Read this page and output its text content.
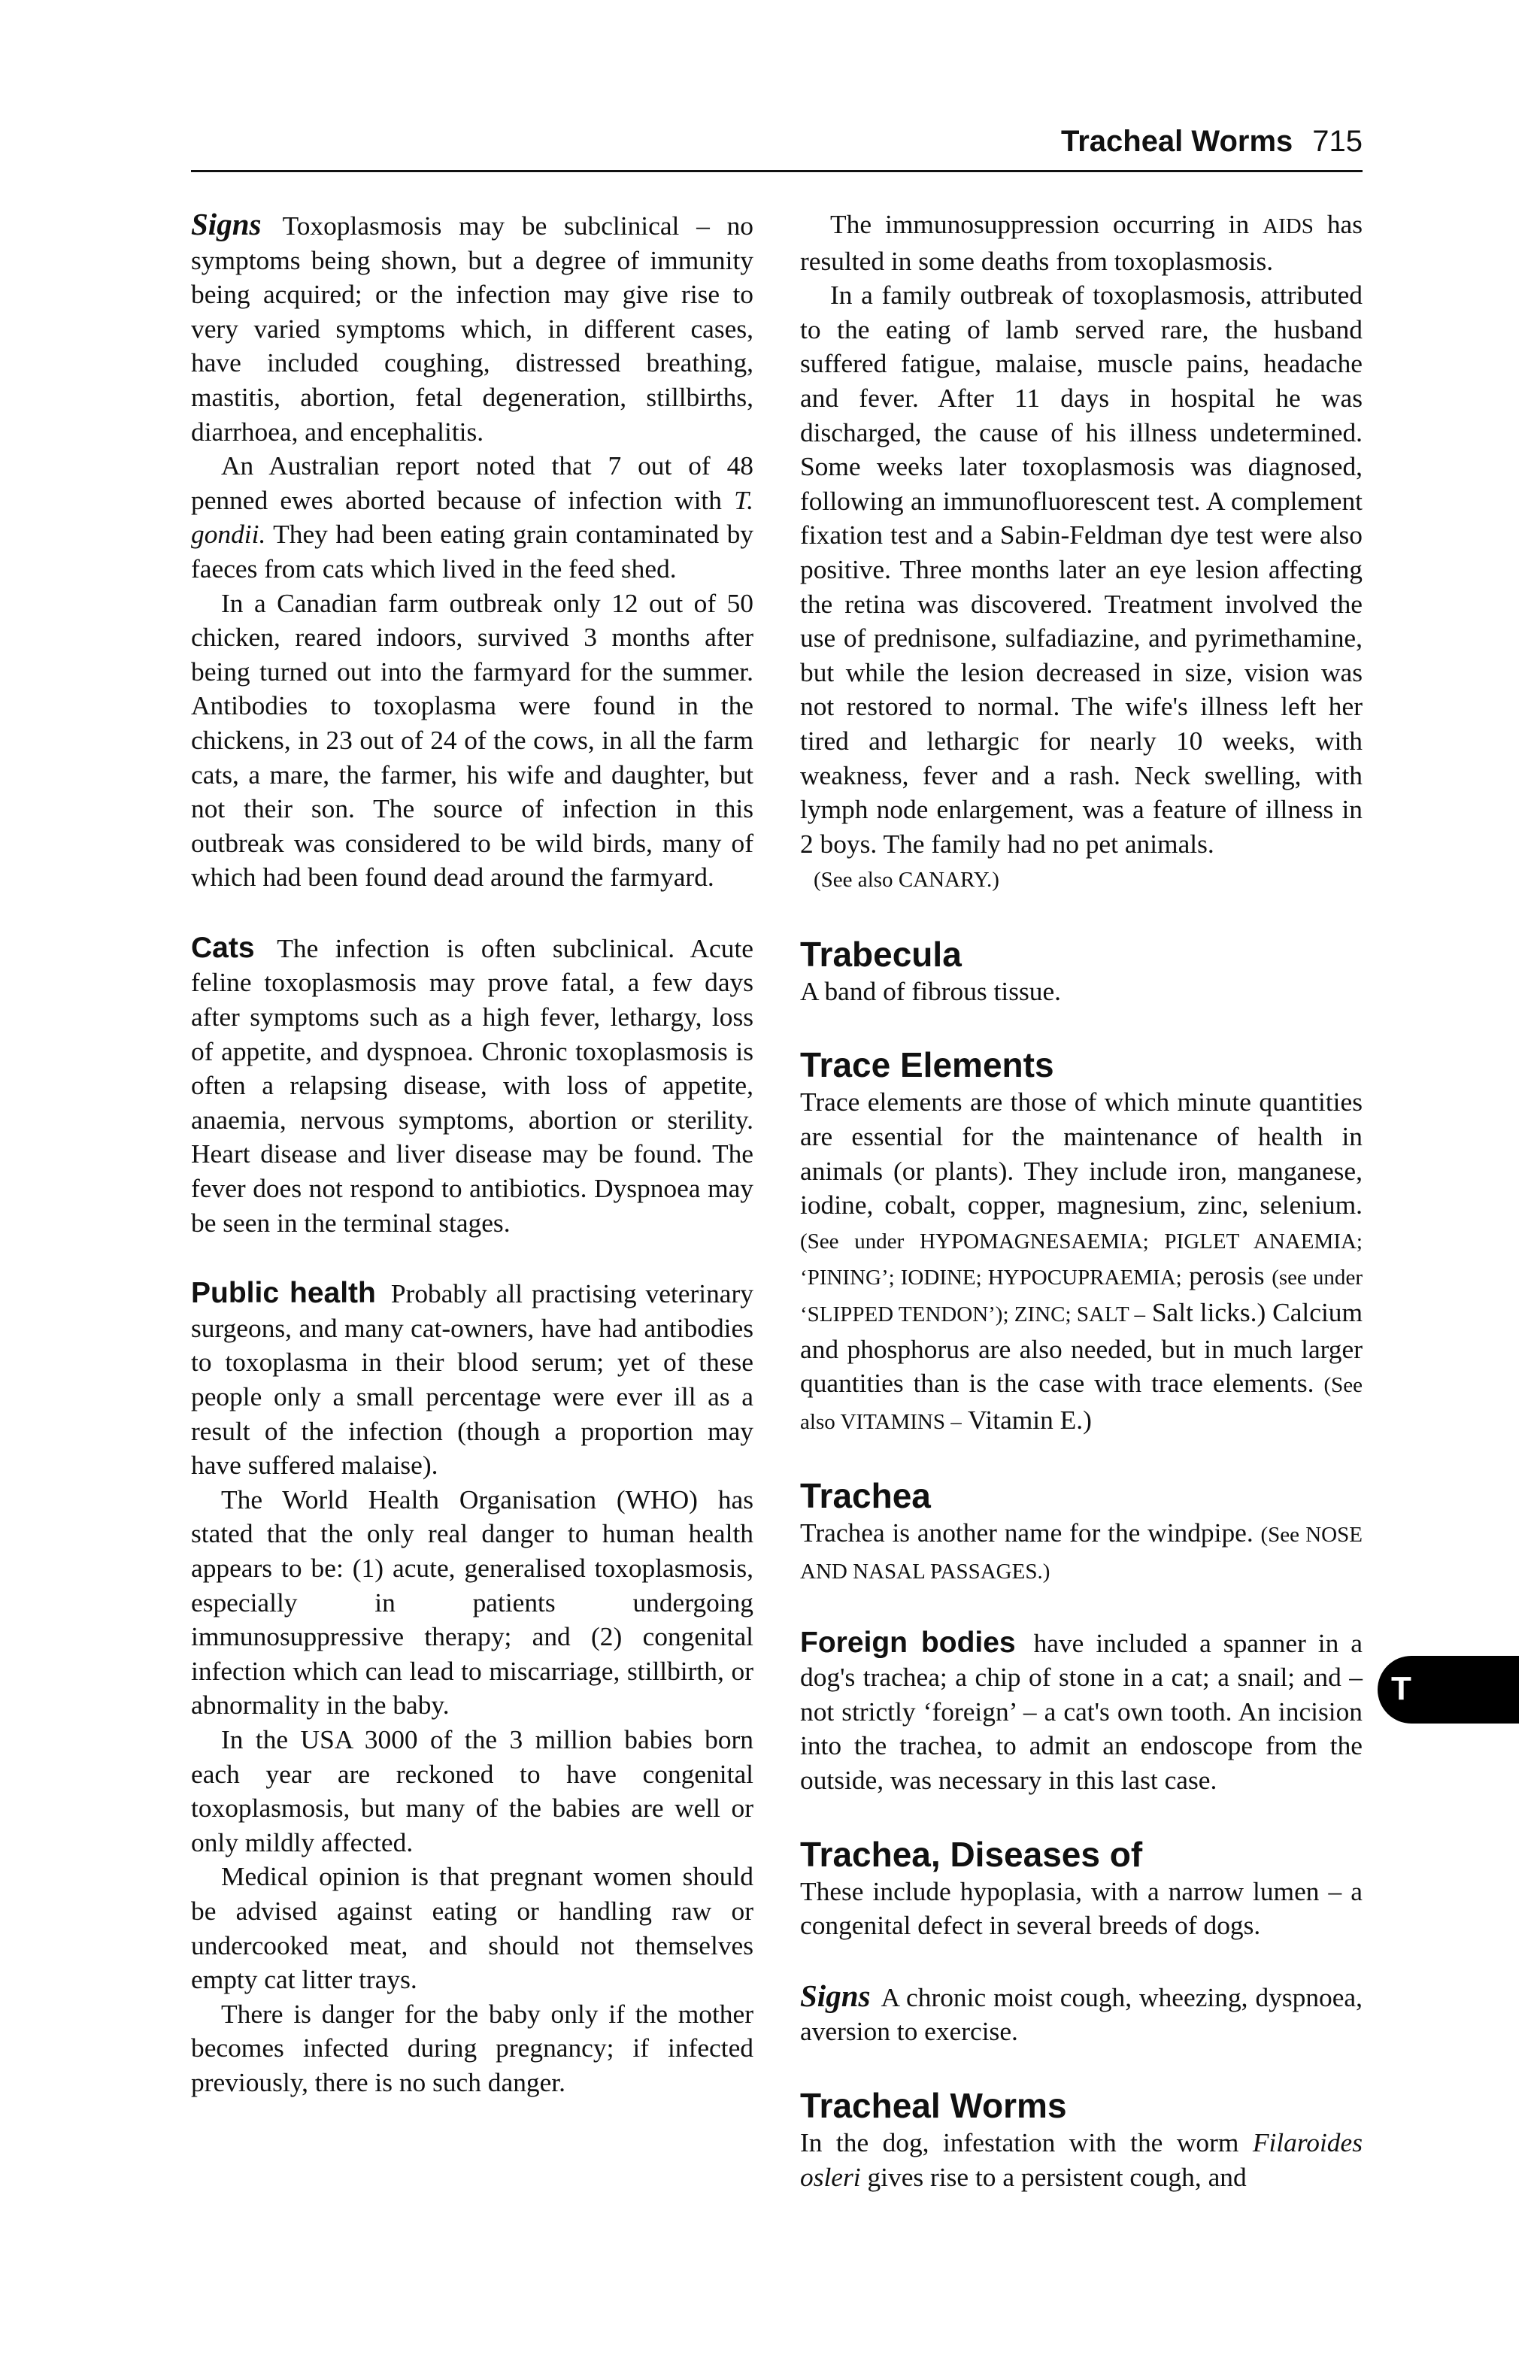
Tracheal Worms 715

Signs Toxoplasmosis may be subclinical – no symptoms being shown, but a degree of immunity being acquired; or the infection may give rise to very varied symptoms which, in different cases, have included coughing, distressed breathing, mastitis, abortion, fetal degeneration, stillbirths, diarrhoea, and encephalitis.

An Australian report noted that 7 out of 48 penned ewes aborted because of infection with T. gondii. They had been eating grain contaminated by faeces from cats which lived in the feed shed.

In a Canadian farm outbreak only 12 out of 50 chicken, reared indoors, survived 3 months after being turned out into the farmyard for the summer. Antibodies to toxoplasma were found in the chickens, in 23 out of 24 of the cows, in all the farm cats, a mare, the farmer, his wife and daughter, but not their son. The source of infection in this outbreak was considered to be wild birds, many of which had been found dead around the farmyard.

Cats The infection is often subclinical. Acute feline toxoplasmosis may prove fatal, a few days after symptoms such as a high fever, lethargy, loss of appetite, and dyspnoea. Chronic toxoplasmosis is often a relapsing disease, with loss of appetite, anaemia, nervous symptoms, abortion or sterility. Heart disease and liver disease may be found. The fever does not respond to antibiotics. Dyspnoea may be seen in the terminal stages.

Public health Probably all practising veterinary surgeons, and many cat-owners, have had antibodies to toxoplasma in their blood serum; yet of these people only a small percentage were ever ill as a result of the infection (though a proportion may have suffered malaise).

The World Health Organisation (WHO) has stated that the only real danger to human health appears to be: (1) acute, generalised toxoplasmosis, especially in patients undergoing immunosuppressive therapy; and (2) congenital infection which can lead to miscarriage, stillbirth, or abnormality in the baby.

In the USA 3000 of the 3 million babies born each year are reckoned to have congenital toxoplasmosis, but many of the babies are well or only mildly affected.

Medical opinion is that pregnant women should be advised against eating or handling raw or undercooked meat, and should not themselves empty cat litter trays.

There is danger for the baby only if the mother becomes infected during pregnancy; if infected previously, there is no such danger.

The immunosuppression occurring in AIDS has resulted in some deaths from toxoplasmosis.

In a family outbreak of toxoplasmosis, attributed to the eating of lamb served rare, the husband suffered fatigue, malaise, muscle pains, headache and fever. After 11 days in hospital he was discharged, the cause of his illness undetermined. Some weeks later toxoplasmosis was diagnosed, following an immunofluorescent test. A complement fixation test and a Sabin-Feldman dye test were also positive. Three months later an eye lesion affecting the retina was discovered. Treatment involved the use of prednisone, sulfadiazine, and pyrimethamine, but while the lesion decreased in size, vision was not restored to normal. The wife's illness left her tired and lethargic for nearly 10 weeks, with weakness, fever and a rash. Neck swelling, with lymph node enlargement, was a feature of illness in 2 boys. The family had no pet animals.

(See also CANARY.)

Trabecula

A band of fibrous tissue.

Trace Elements

Trace elements are those of which minute quantities are essential for the maintenance of health in animals (or plants). They include iron, manganese, iodine, cobalt, copper, magnesium, zinc, selenium. (See under HYPOMAGNESAEMIA; PIGLET ANAEMIA; ‘PINING’; IODINE; HYPOCUPRAEMIA; perosis (see under ‘SLIPPED TENDON’); ZINC; SALT – Salt licks.) Calcium and phosphorus are also needed, but in much larger quantities than is the case with trace elements. (See also VITAMINS – Vitamin E.)

Trachea

Trachea is another name for the windpipe. (See NOSE AND NASAL PASSAGES.)

Foreign bodies have included a spanner in a dog's trachea; a chip of stone in a cat; a snail; and – not strictly ‘foreign’ – a cat's own tooth. An incision into the trachea, to admit an endoscope from the outside, was necessary in this last case.

Trachea, Diseases of

These include hypoplasia, with a narrow lumen – a congenital defect in several breeds of dogs.

Signs A chronic moist cough, wheezing, dyspnoea, aversion to exercise.

Tracheal Worms

In the dog, infestation with the worm Filaroides osleri gives rise to a persistent cough, and

T
